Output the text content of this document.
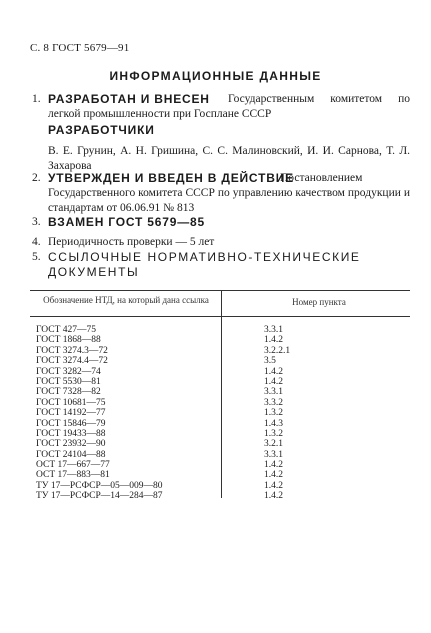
С. 8 ГОСТ 5679—91
ИНФОРМАЦИОННЫЕ ДАННЫЕ
1. РАЗРАБОТАН И ВНЕСЕН	Государственным комитетом по легкой промышленности при Госплане СССР
РАЗРАБОТЧИКИ
В. Е. Грунин, А. Н. Гришина, С. С. Малиновский, И. И. Сарнова, Т. Л. Захарова
2. УТВЕРЖДЕН И ВВЕДЕН В ДЕЙСТВИЕ
Постановлением Государственного комитета СССР по управлению качеством продукции и стандартам от 06.06.91 № 813
3. ВЗАМЕН ГОСТ 5679—85
4. Периодичность проверки — 5 лет
5. ССЫЛОЧНЫЕ НОРМАТИВНО-ТЕХНИЧЕСКИЕ ДОКУМЕНТЫ
Обозначение НТД, на который дана ссылка	Номер пункта
ГОСТ 427—75	3.3.1
ГОСТ 1868—88	1.4.2
ГОСТ 3274.3—72	3.2.2.1
ГОСТ 3274.4—72	3.5
ГОСТ 3282—74	1.4.2
ГОСТ 5530—81	1.4.2
ГОСТ 7328—82	3.3.1
ГОСТ 10681—75	3.3.2
ГОСТ 14192—77	1.3.2
ГОСТ 15846—79	1.4.3
ГОСТ 19433—88	1.3.2
ГОСТ 23932—90	3.2.1
ГОСТ 24104—88	3.3.1
ОСТ 17—667—77	1.4.2
ОСТ 17—883—81	1.4.2
ТУ 17—РСФСР—05—009—80	1.4.2
ТУ 17—РСФСР—14—284—87	1.4.2
